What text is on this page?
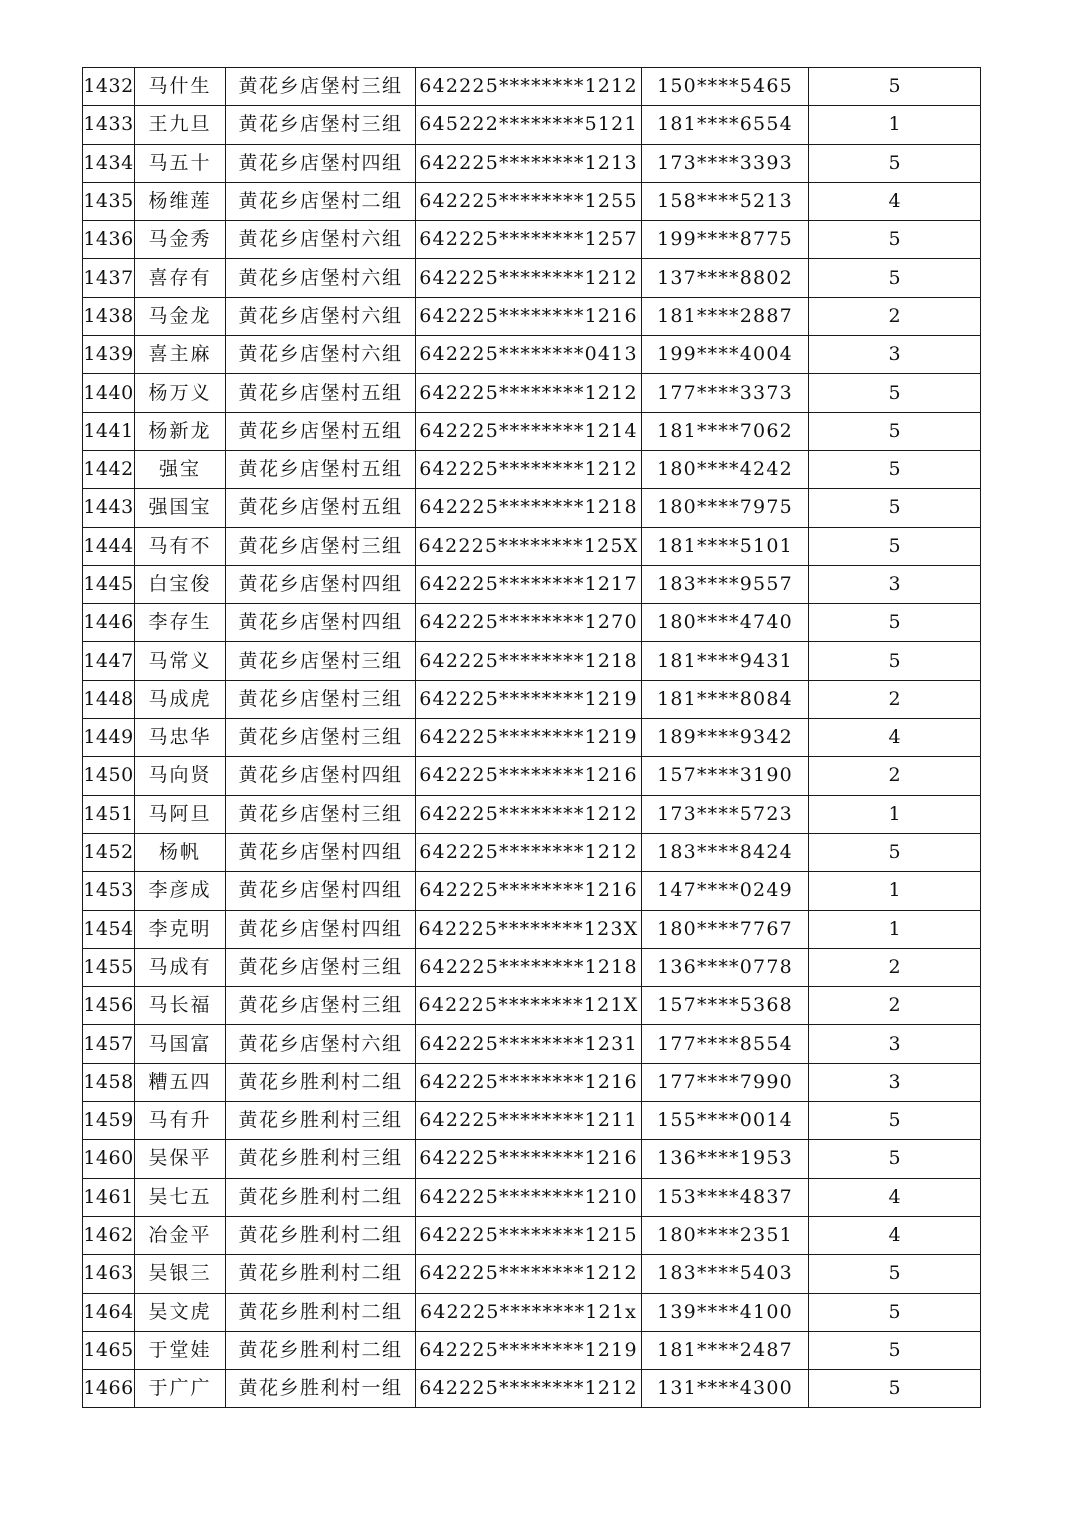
1432	马什生	黄花乡店堡村三组	642225********1212	150****5465	5
1433	王九旦	黄花乡店堡村三组	645222********5121	181****6554	1
1434	马五十	黄花乡店堡村四组	642225********1213	173****3393	5
1435	杨维莲	黄花乡店堡村二组	642225********1255	158****5213	4
1436	马金秀	黄花乡店堡村六组	642225********1257	199****8775	5
1437	喜存有	黄花乡店堡村六组	642225********1212	137****8802	5
1438	马金龙	黄花乡店堡村六组	642225********1216	181****2887	2
1439	喜主麻	黄花乡店堡村六组	642225********0413	199****4004	3
1440	杨万义	黄花乡店堡村五组	642225********1212	177****3373	5
1441	杨新龙	黄花乡店堡村五组	642225********1214	181****7062	5
1442	强宝	黄花乡店堡村五组	642225********1212	180****4242	5
1443	强国宝	黄花乡店堡村五组	642225********1218	180****7975	5
1444	马有不	黄花乡店堡村三组	642225********125X	181****5101	5
1445	白宝俊	黄花乡店堡村四组	642225********1217	183****9557	3
1446	李存生	黄花乡店堡村四组	642225********1270	180****4740	5
1447	马常义	黄花乡店堡村三组	642225********1218	181****9431	5
1448	马成虎	黄花乡店堡村三组	642225********1219	181****8084	2
1449	马忠华	黄花乡店堡村三组	642225********1219	189****9342	4
1450	马向贤	黄花乡店堡村四组	642225********1216	157****3190	2
1451	马阿旦	黄花乡店堡村三组	642225********1212	173****5723	1
1452	杨帆	黄花乡店堡村四组	642225********1212	183****8424	5
1453	李彦成	黄花乡店堡村四组	642225********1216	147****0249	1
1454	李克明	黄花乡店堡村四组	642225********123X	180****7767	1
1455	马成有	黄花乡店堡村三组	642225********1218	136****0778	2
1456	马长福	黄花乡店堡村三组	642225********121X	157****5368	2
1457	马国富	黄花乡店堡村六组	642225********1231	177****8554	3
1458	糟五四	黄花乡胜利村二组	642225********1216	177****7990	3
1459	马有升	黄花乡胜利村三组	642225********1211	155****0014	5
1460	吴保平	黄花乡胜利村三组	642225********1216	136****1953	5
1461	吴七五	黄花乡胜利村二组	642225********1210	153****4837	4
1462	冶金平	黄花乡胜利村二组	642225********1215	180****2351	4
1463	吴银三	黄花乡胜利村二组	642225********1212	183****5403	5
1464	吴文虎	黄花乡胜利村二组	642225********121x	139****4100	5
1465	于堂娃	黄花乡胜利村二组	642225********1219	181****2487	5
1466	于广广	黄花乡胜利村一组	642225********1212	131****4300	5
